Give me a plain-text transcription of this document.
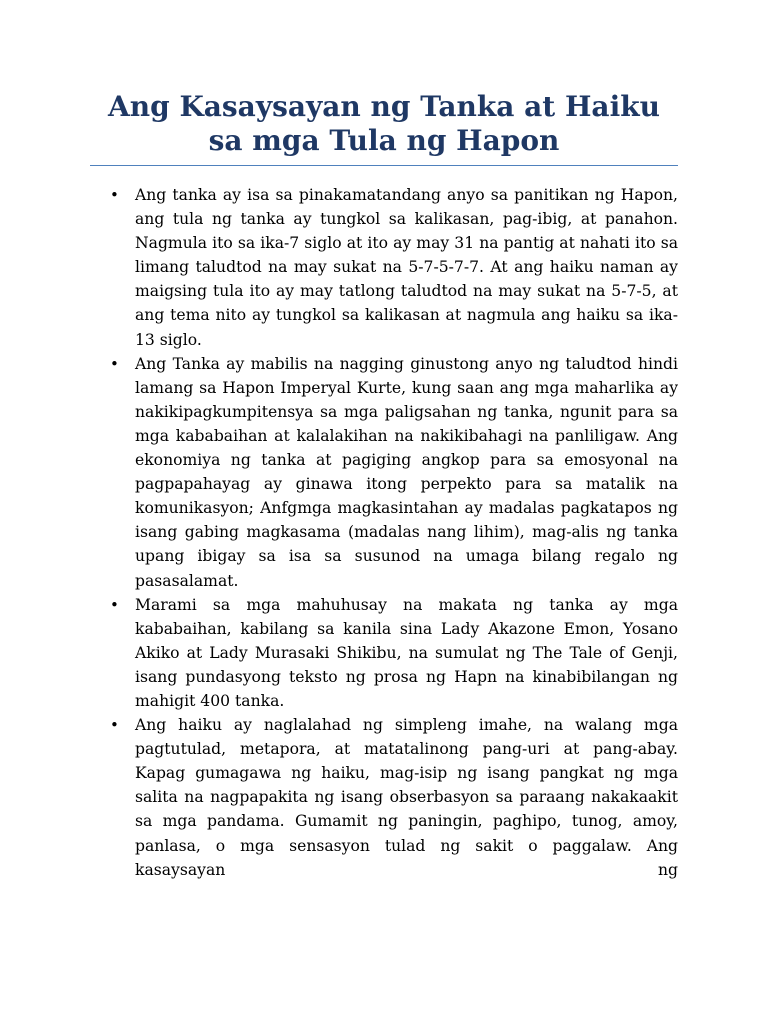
Ang Kasaysayan ng Tanka at Haiku sa mga Tula ng Hapon
• Ang tanka ay isa sa pinakamatandang anyo sa panitikan ng Hapon, ang tula ng tanka ay tungkol sa kalikasan, pag-ibig, at panahon. Nagmula ito sa ika-7 siglo at ito ay may 31 na pantig at nahati ito sa limang taludtod na may sukat na 5-7-5-7-7. At ang haiku naman ay maigsing tula ito ay may tatlong taludtod na may sukat na 5-7-5, at ang tema nito ay tungkol sa kalikasan at nagmula ang haiku sa ika-13 siglo.
• Ang Tanka ay mabilis na nagging ginustong anyo ng taludtod hindi lamang sa Hapon Imperyal Kurte, kung saan ang mga maharlika ay nakikipagkumpitensya sa mga paligsahan ng tanka, ngunit para sa mga kababaihan at kalalakihan na nakikibahagi na panliligaw. Ang ekonomiya ng tanka at pagiging angkop para sa emosyonal na pagpapahayag ay ginawa itong perpekto para sa matalik na komunikasyon; Anfgmga magkasintahan ay madalas pagkatapos ng isang gabing magkasama (madalas nang lihim), mag-alis ng tanka upang ibigay sa isa sa susunod na umaga bilang regalo ng pasasalamat.
• Marami sa mga mahuhusay na makata ng tanka ay mga kababaihan, kabilang sa kanila sina Lady Akazone Emon, Yosano Akiko at Lady Murasaki Shikibu, na sumulat ng The Tale of Genji, isang pundasyong teksto ng prosa ng Hapn na kinabibilangan ng mahigit 400 tanka.
• Ang haiku ay naglalahad ng simpleng imahe, na walang mga pagtutulad, metapora, at matatalinong pang-uri at pang-abay. Kapag gumagawa ng haiku, mag-isip ng isang pangkat ng mga salita na nagpapakita ng isang obserbasyon sa paraang nakakaakit sa mga pandama. Gumamit ng paningin, paghipo, tunog, amoy, panlasa, o mga sensasyon tulad ng sakit o paggalaw. Ang kasaysayan ng
